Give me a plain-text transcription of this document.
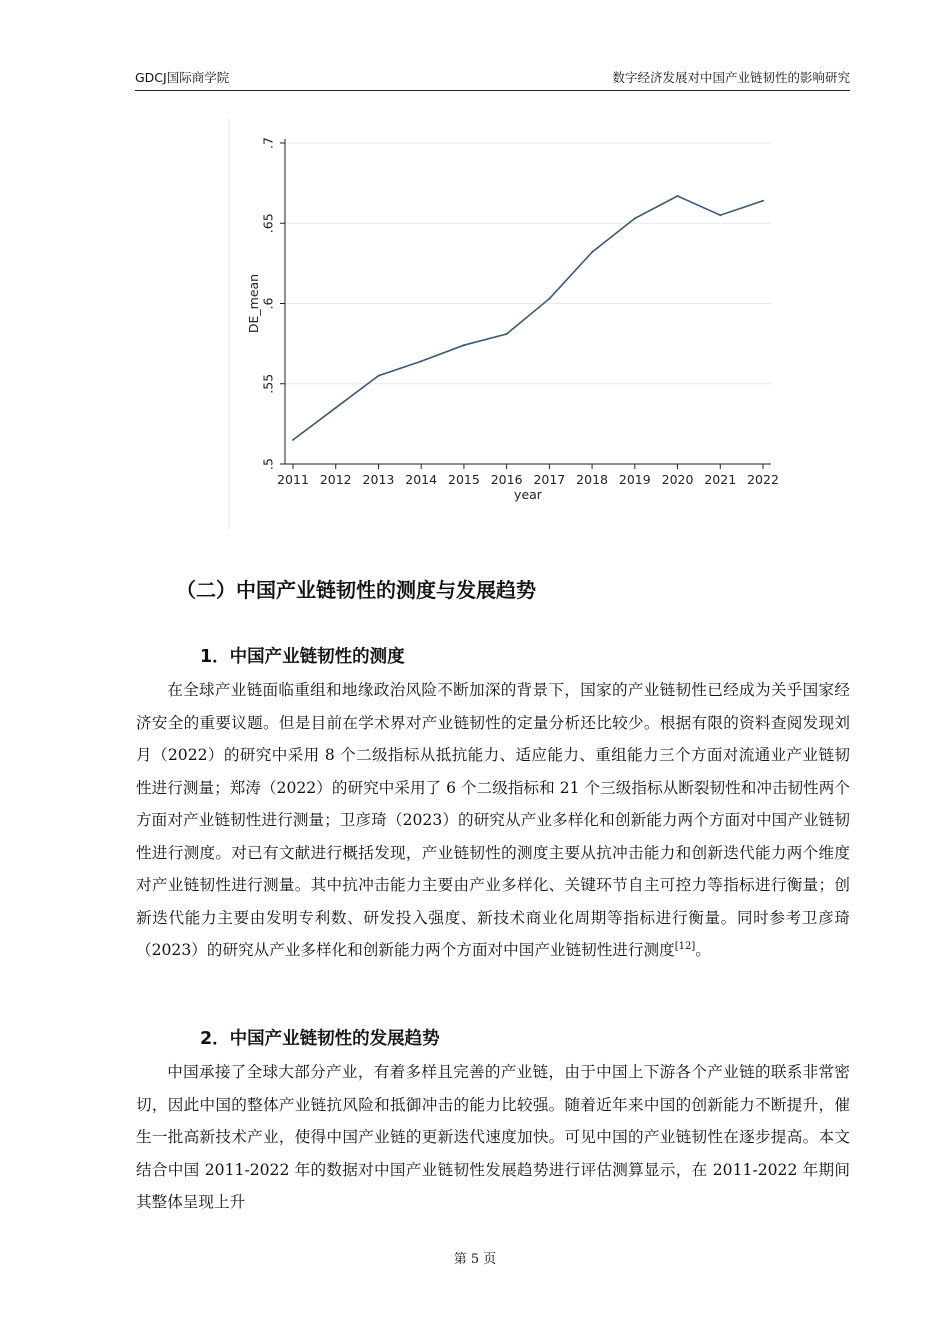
GDCJ国际商学院	数字经济发展对中国产业链韧性的影响研究
.5
.55
.6
.65
.7
2011 2012 2013 2014 2015 2016 2017 2018 2019 2020 2021 2022
year
DE_mean
（二）中国产业链韧性的测度与发展趋势
1．中国产业链韧性的测度

在全球产业链面临重组和地缘政治风险不断加深的背景下，国家的产业链韧性已经成为关乎国家经济安全的重要议题。但是目前在学术界对产业链韧性的定量分析还比较少。根据有限的资料查阅发现刘月（2022）的研究中采用 8 个二级指标从抵抗能力、适应能力、重组能力三个方面对流通业产业链韧性进行测量；郑涛（2022）的研究中采用了 6 个二级指标和 21 个三级指标从断裂韧性和冲击韧性两个方面对产业链韧性进行测量；卫彦琦（2023）的研究从产业多样化和创新能力两个方面对中国产业链韧性进行测度。对已有文献进行概括发现，产业链韧性的测度主要从抗冲击能力和创新迭代能力两个维度对产业链韧性进行测量。其中抗冲击能力主要由产业多样化、关键环节自主可控力等指标进行衡量；创新迭代能力主要由发明专利数、研发投入强度、新技术商业化周期等指标进行衡量。同时参考卫彦琦（2023）的研究从产业多样化和创新能力两个方面对中国产业链韧性进行测度[12]。

2．中国产业链韧性的发展趋势

中国承接了全球大部分产业，有着多样且完善的产业链，由于中国上下游各个产业链的联系非常密切，因此中国的整体产业链抗风险和抵御冲击的能力比较强。随着近年来中国的创新能力不断提升，催生一批高新技术产业，使得中国产业链的更新迭代速度加快。可见中国的产业链韧性在逐步提高。本文结合中国 2011-2022 年的数据对中国产业链韧性发展趋势进行评估测算显示，在 2011-2022 年期间其整体呈现上升

第 5 页
